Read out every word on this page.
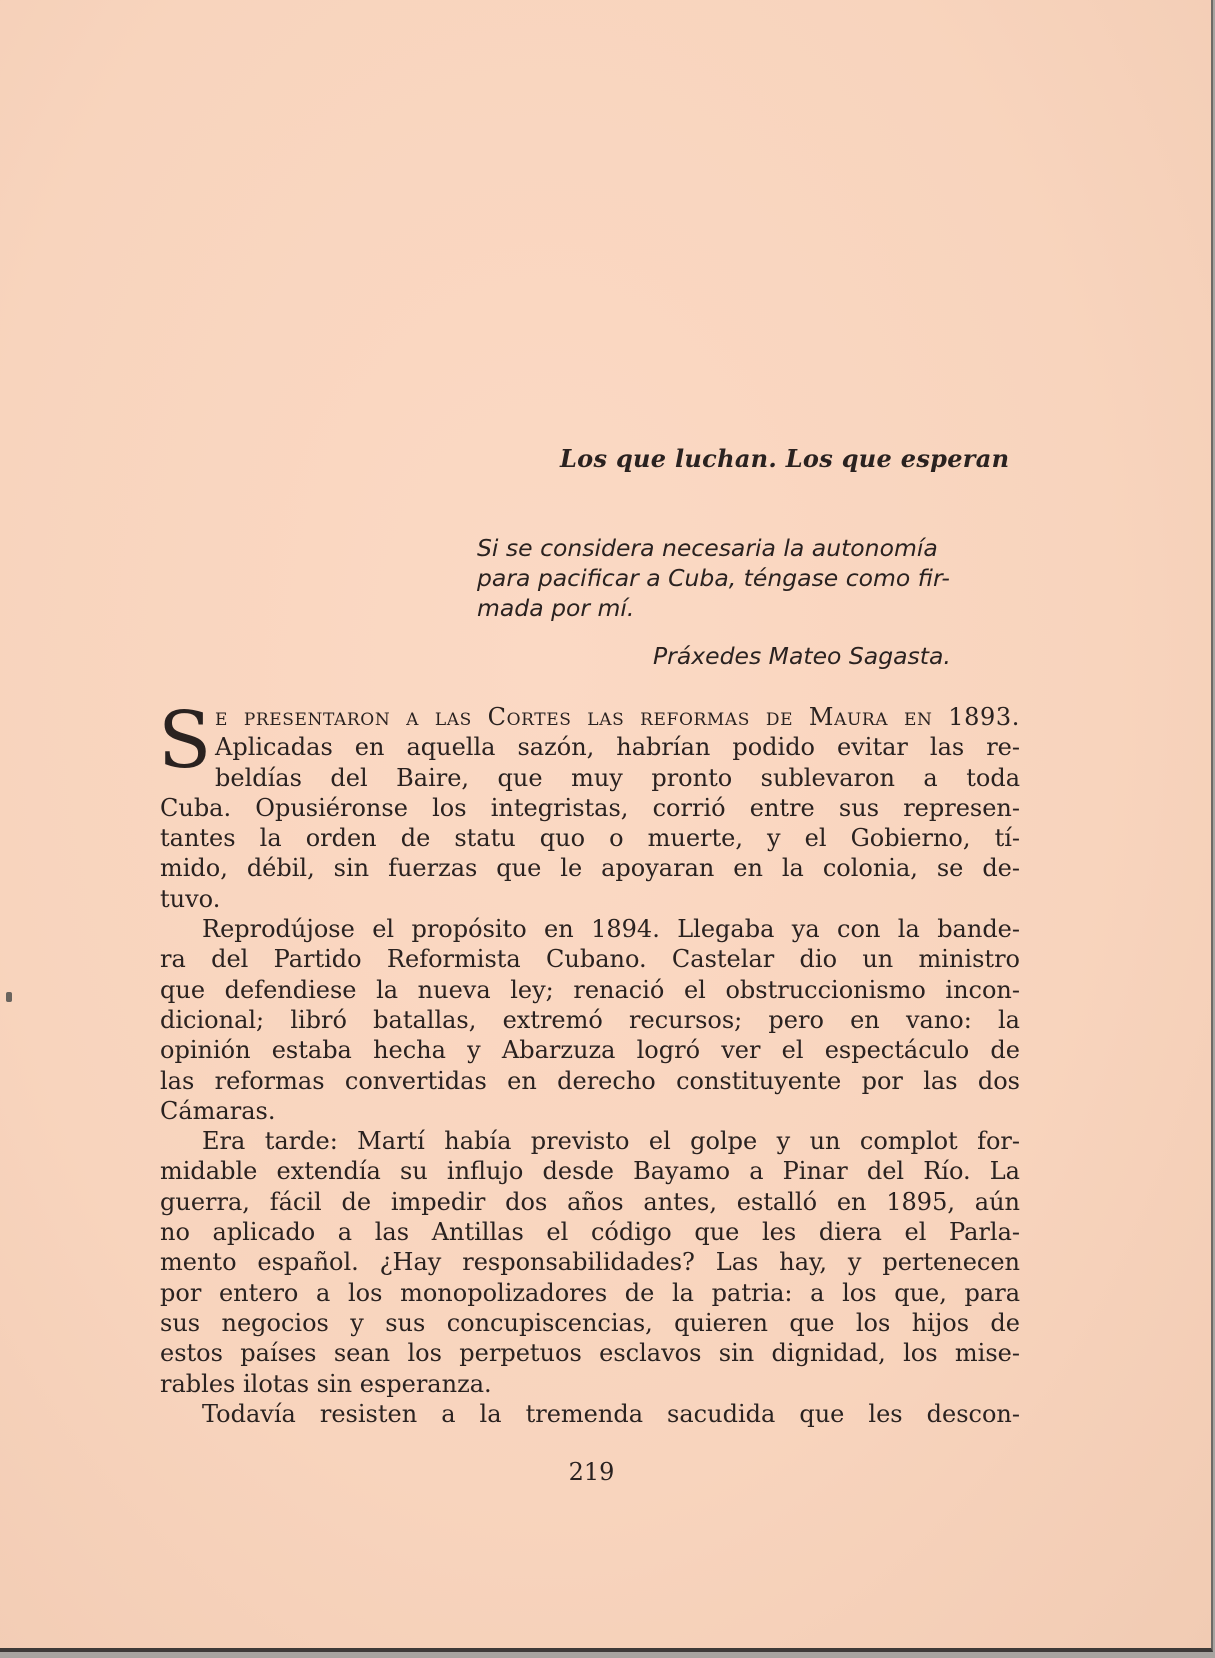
Los que luchan. Los que esperan
Si se considera necesaria la autonomía
para pacificar a Cuba, téngase como fir-
mada por mí.
Práxedes Mateo Sagasta.
S e presentaron a las Cortes las reformas de Maura en 1893.
Aplicadas en aquella sazón, habrían podido evitar las re-
beldías del Baire, que muy pronto sublevaron a toda
Cuba. Opusiéronse los integristas, corrió entre sus represen-
tantes la orden de statu quo o muerte, y el Gobierno, tí-
mido, débil, sin fuerzas que le apoyaran en la colonia, se de-
tuvo.
Reprodújose el propósito en 1894. Llegaba ya con la bande-
ra del Partido Reformista Cubano. Castelar dio un ministro
que defendiese la nueva ley; renació el obstruccionismo incon-
dicional; libró batallas, extremó recursos; pero en vano: la
opinión estaba hecha y Abarzuza logró ver el espectáculo de
las reformas convertidas en derecho constituyente por las dos
Cámaras.
Era tarde: Martí había previsto el golpe y un complot for-
midable extendía su influjo desde Bayamo a Pinar del Río. La
guerra, fácil de impedir dos años antes, estalló en 1895, aún
no aplicado a las Antillas el código que les diera el Parla-
mento español. ¿Hay responsabilidades? Las hay, y pertenecen
por entero a los monopolizadores de la patria: a los que, para
sus negocios y sus concupiscencias, quieren que los hijos de
estos países sean los perpetuos esclavos sin dignidad, los mise-
rables ilotas sin esperanza.
Todavía resisten a la tremenda sacudida que les descon-
219
